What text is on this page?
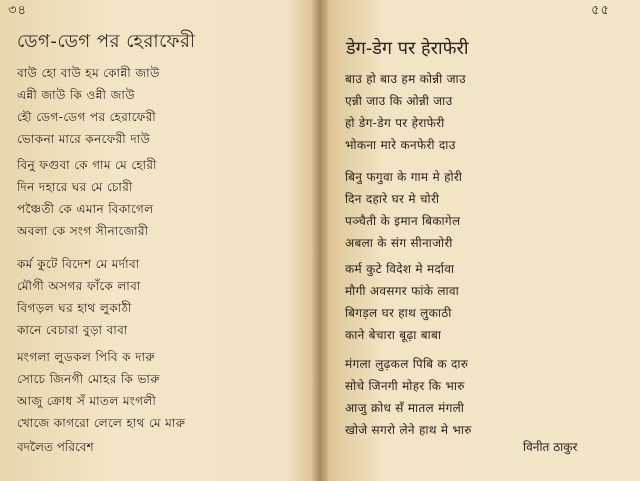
৩৪
ডেগ-ডেগ পর হেরাফেরী
বাউ হো বাউ হম কোন্নী জাউ
এন্নী জাউ কি ওন্নী জাউ
হৌ ডেগ-ডেগ পর হেরাফেরী
ভোকনা মারে কনফেরী দাউ
বিনু ফগুবা কে গাম মে হোরী
দিন দহারে ঘর মে চোরী
পঞ্চৈতী কে এমান বিকাগেল
অবলা কে সংগ সীনাজোরী
কর্ম কুটে বিদেশ মে মর্দাবা
মৌগী অসগর ফাঁকে লাবা
বিগড়ল ঘর হাথ লুকাঠী
কানে বেচারা বুড়া বাবা
মংগলা লুডকল পিবি ক দারু
সোচে জিনগী মোহর কি ভারু
আজু ক্রোধ সঁ মাতল মংগলী
খোজে কাগরো লেলে হাথ মে মারু
বদলৈত পরিবেশ
৫৫
डेग-डेग पर हेराफेरी
बाउ हो बाउ हम कोन्नी जाउ
एन्नी जाउ कि ओन्नी जाउ
हो डेग-डेग पर हेराफेरी
भोकना मारे कनफेरी दाउ
बिनु फगुवा के गाम मे होरी
दिन दहारे घर मे चोरी
पञ्चैती के इमान बिकागेल
अबला के संग सीनाजोरी
कर्म कुटे विदेश मे मर्दावा
मौगी अवसगर फांके लावा
बिगड़ल घर हाथ लुकाठी
काने बेचारा बूढ़ा बाबा
मंगला लुढ़कल पिबि क दारु
सोचे जिनगी मोहर कि भारु
आजु क्रोध सँ मातल मंगली
खोजे सगरो लेने हाथ मे भारु
विनीत ठाकुर
